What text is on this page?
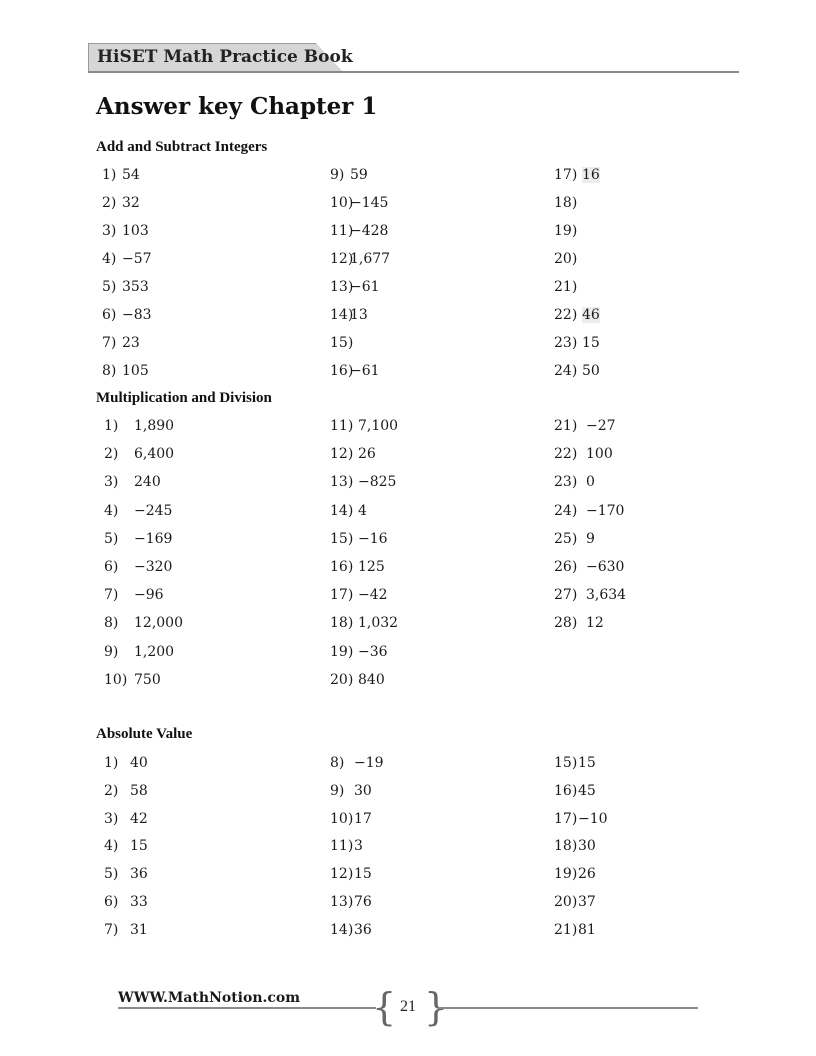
HiSET Math Practice Book
Answer key Chapter 1
Add and Subtract Integers
1) 54
2) 32
3) 103
4) −57
5) 353
6) −83
7) 23
8) 105
9) 59
10)
−145
11)
−428
12)
1,677
13)
−61
14)
13
15)
16)
−61
17) 16
18)
19)
20)
21)
22) 46
23) 15
24) 50
Multiplication and Division
1) 1,890
2) 6,400
3) 240
4) −245
5) −169
6) −320
7) −96
8) 12,000
9) 1,200
10) 750
11) 7,100
12) 26
13) −825
14) 4
15) −16
16) 125
17) −42
18) 1,032
19) −36
20) 840
21) −27
22) 100
23) 0
24) −170
25) 9
26) −630
27) 3,634
28) 12
Absolute Value
1) 40
2) 58
3) 42
4) 15
5) 36
6) 33
7) 31
8) −19
9) 30
10) 17
11) 3
12) 15
13) 76
14) 36
15) 15
16) 45
17) −10
18) 30
19) 26
20) 37
21) 81
WWW.MathNotion.com { 21 }
